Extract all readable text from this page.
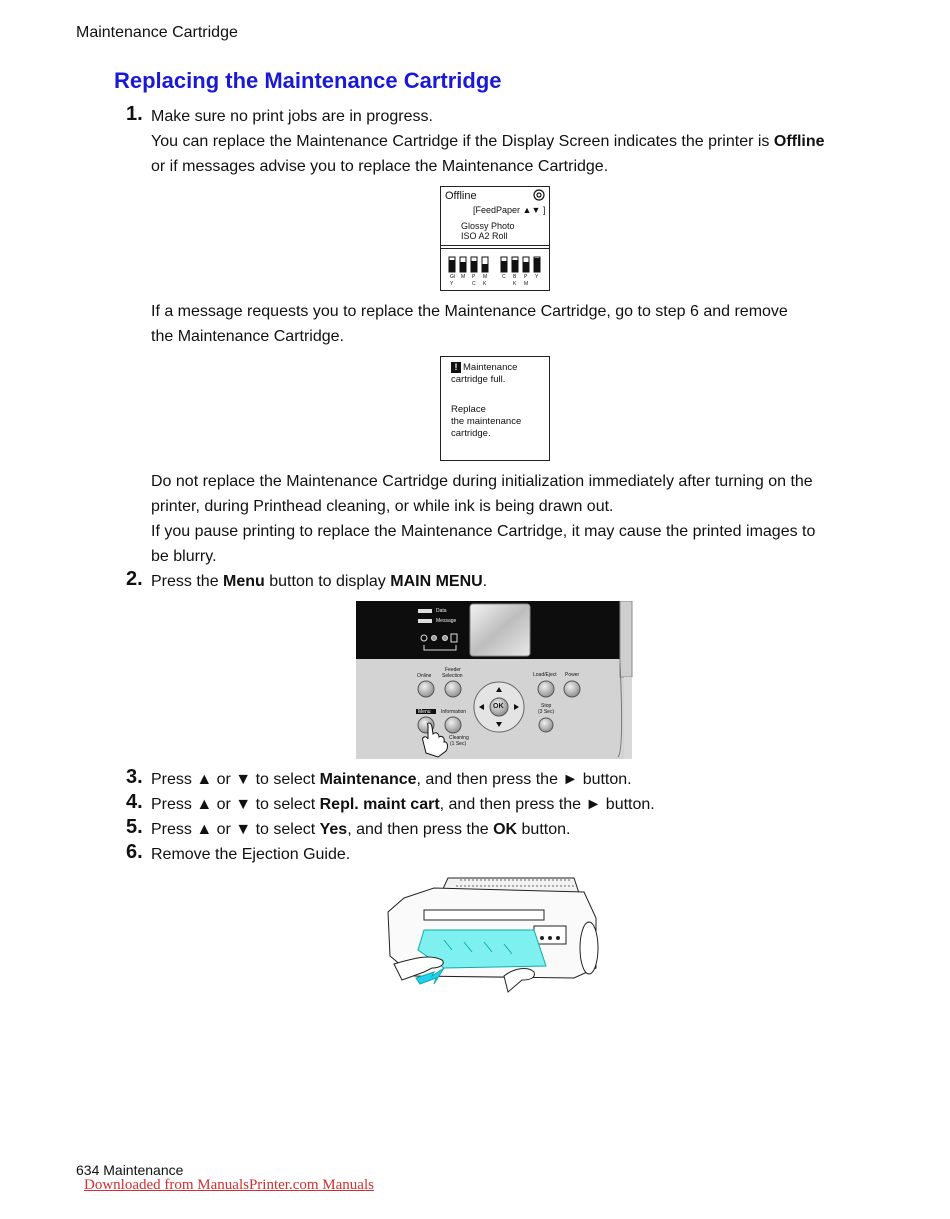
Maintenance Cartridge
Replacing the Maintenance Cartridge
1. Make sure no print jobs are in progress.
You can replace the Maintenance Cartridge if the Display Screen indicates the printer is Offline
or if messages advise you to replace the Maintenance Cartridge.
Offline
[FeedPaper ▲▼ ]
Glossy Photo
ISO A2 Roll
Gl M P M	C B P Y
Y	C K	K M
If a message requests you to replace the Maintenance Cartridge, go to step 6 and remove
the Maintenance Cartridge.
! Maintenance
cartridge full.
Replace
the maintenance
cartridge.
Do not replace the Maintenance Cartridge during initialization immediately after turning on the
printer, during Printhead cleaning, or while ink is being drawn out.
If you pause printing to replace the Maintenance Cartridge, it may cause the printed images to
be blurry.
2. Press the Menu button to display MAIN MENU.
Data
Message
Online
Feeder
Selection
Menu Information
Cleaning
(1 Sec)
OK
Load/Eject Power
Stop
(3 Sec)
3. Press ▲ or ▼ to select Maintenance, and then press the ► button.
4. Press ▲ or ▼ to select Repl. maint cart, and then press the ► button.
5. Press ▲ or ▼ to select Yes, and then press the OK button.
6. Remove the Ejection Guide.
634 Maintenance
Downloaded from ManualsPrinter.com Manuals
